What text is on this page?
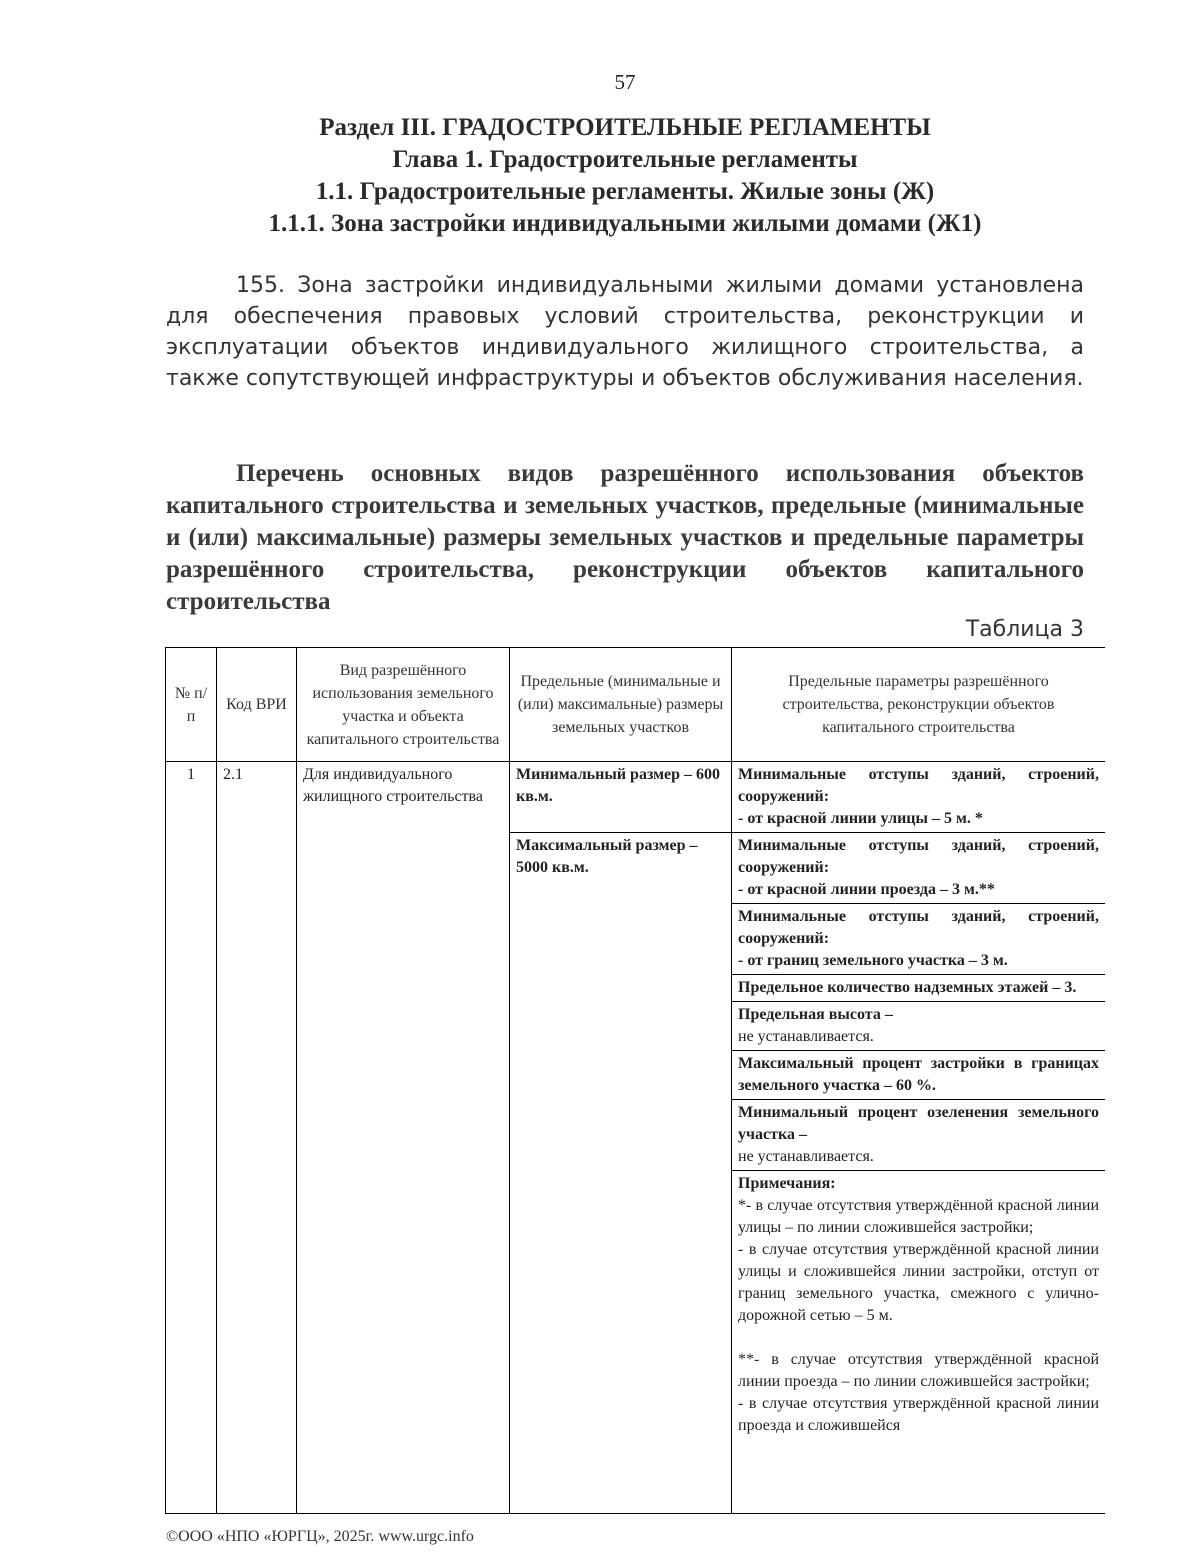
57
Раздел III. ГРАДОСТРОИТЕЛЬНЫЕ РЕГЛАМЕНТЫ
Глава 1. Градостроительные регламенты
1.1. Градостроительные регламенты. Жилые зоны (Ж)
1.1.1. Зона застройки индивидуальными жилыми домами (Ж1)
155. Зона застройки индивидуальными жилыми домами установлена для обеспечения правовых условий строительства, реконструкции и эксплуатации объектов индивидуального жилищного строительства, а также сопутствующей инфраструктуры и объектов обслуживания населения.
Перечень основных видов разрешённого использования объектов капитального строительства и земельных участков, предельные (минимальные и (или) максимальные) размеры земельных участков и предельные параметры разрешённого строительства, реконструкции объектов капитального строительства
Таблица 3
№ п/п	Код ВРИ	Вид разрешённого использования земельного участка и объекта капитального строительства	Предельные (минимальные и (или) максимальные) размеры земельных участков	Предельные параметры разрешённого строительства, реконструкции объектов капитального строительства
1	2.1	Для индивидуального жилищного строительства	Минимальный размер – 600 кв.м.	Минимальные отступы зданий, строений, сооружений:
- от красной линии улицы – 5 м. *

			Максимальный размер – 5000 кв.м.	Минимальные отступы зданий, строений, сооружений:
- от красной линии проезда – 3 м.**

				Минимальные отступы зданий, строений, сооружений:
- от границ земельного участка – 3 м.

				Предельное количество надземных этажей – 3.

				Предельная высота –
не устанавливается.

				Максимальный процент застройки в границах земельного участка – 60 %.

				Минимальный процент озеленения земельного участка –
не устанавливается.

				Примечания:
*- в случае отсутствия утверждённой красной линии улицы – по линии сложившейся застройки;
- в случае отсутствия утверждённой красной линии улицы и сложившейся линии застройки, отступ от границ земельного участка, смежного с улично-дорожной сетью – 5 м.
**- в случае отсутствия утверждённой красной линии проезда – по линии сложившейся застройки;
- в случае отсутствия утверждённой красной линии проезда и сложившейся
©ООО «НПО «ЮРГЦ», 2025г. www.urgc.info
